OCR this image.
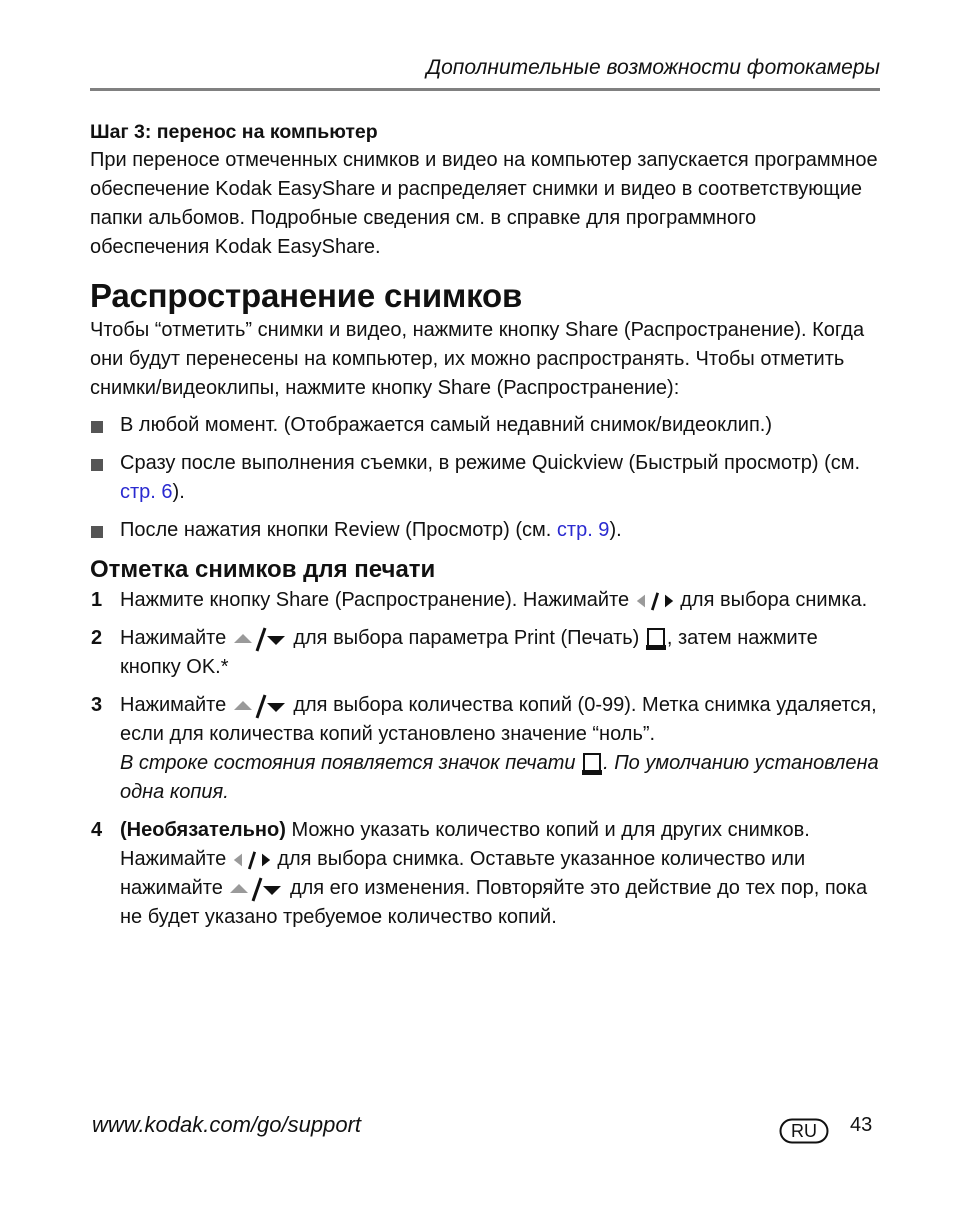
Дополнительные возможности фотокамеры

Шаг 3: перенос на компьютер

При переносе отмеченных снимков и видео на компьютер запускается программное обеспечение Kodak EasyShare и распределяет снимки и видео в соответствующие папки альбомов. Подробные сведения см. в справке для программного обеспечения Kodak EasyShare.

Распространение снимков

Чтобы “отметить” снимки и видео, нажмите кнопку Share (Распространение). Когда они будут перенесены на компьютер, их можно распространять. Чтобы отметить снимки/видеоклипы, нажмите кнопку Share (Распространение):

В любой момент. (Отображается самый недавний снимок/видеоклип.)
Сразу после выполнения съемки, в режиме Quickview (Быстрый просмотр) (см. стр. 6).
После нажатия кнопки Review (Просмотр) (см. стр. 9).

Отметка снимков для печати

1 Нажмите кнопку Share (Распространение). Нажимайте
для выбора снимка.
2 Нажимайте	для выбора параметра Print (Печать)
, затем нажмите кнопку OK.*
3 Нажимайте	для выбора количества копий (0-99). Метка снимка удаляется, если для количества копий установлено значение “ноль”.

В строке состояния появляется значок печати
. По умолчанию установлена одна копия.

4 (Необязательно) Можно указать количество копий и для других снимков. Нажимайте
для выбора снимка. Оставьте указанное количество или нажимайте	для его изменения. Повторяйте это действие до тех пор, пока не будет указано требуемое количество копий.
www.kodak.com/go/support	RU	43
